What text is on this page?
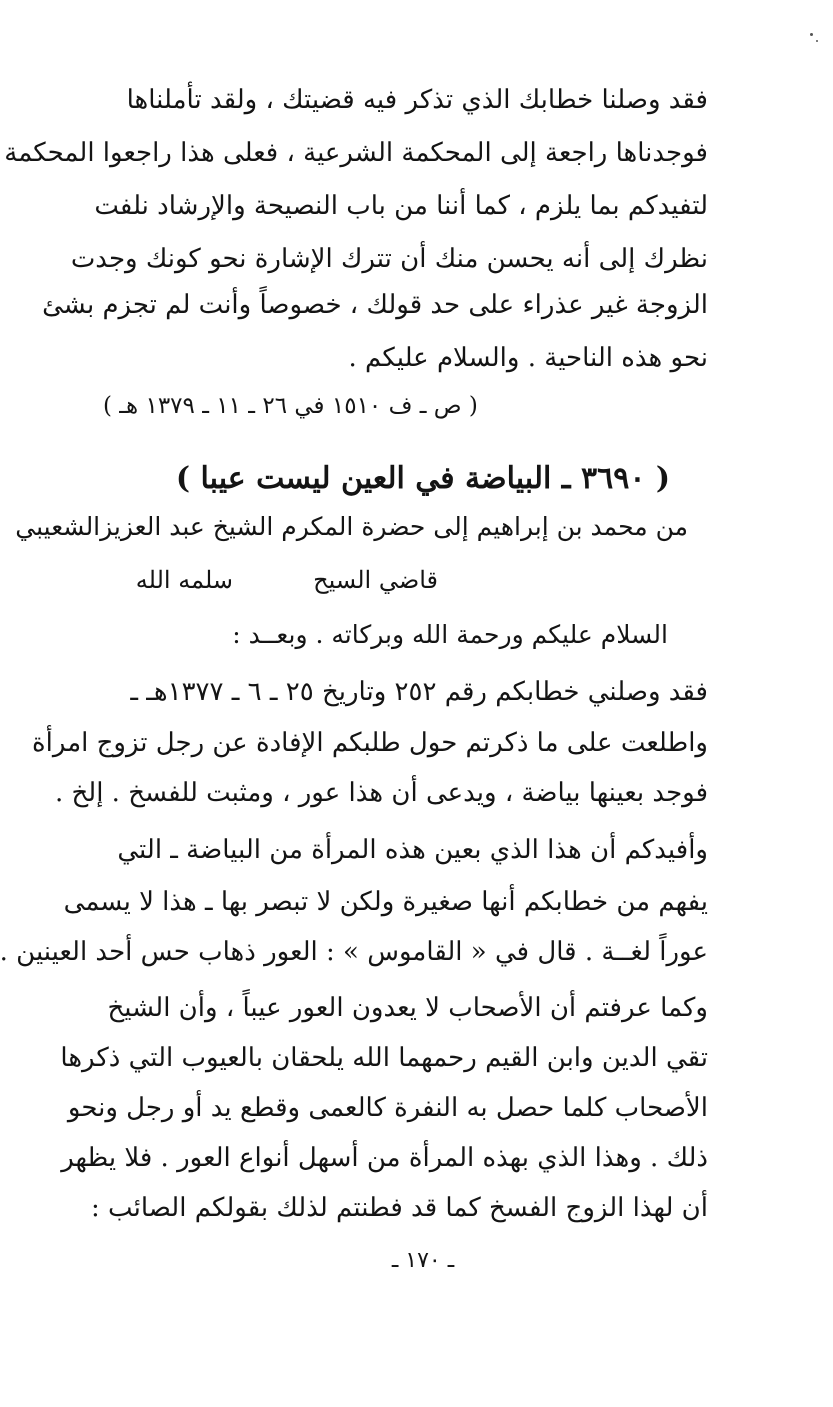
فقد وصلنا خطابك الذي تذكر فيه قضيتك ، ولقد تأملناها
فوجدناها راجعة إلى المحكمة الشرعية ، فعلى هذا راجعوا المحكمة
لتفيدكم بما يلزم ، كما أننا من باب النصيحة والإرشاد نلفت
نظرك إلى أنه يحسن منك أن تترك الإشارة نحو كونك وجدت
الزوجة غير عذراء على حد قولك ، خصوصاً وأنت لم تجزم بشئ
نحو هذه الناحية . والسلام عليكم .
( ص ـ ف ١٥١٠ في ٢٦ ـ ١١ ـ ١٣٧٩ هـ )
( ٣٦٩٠ ـ البياضة في العين ليست عيبا )
من محمد بن إبراهيم إلى حضرة المكرم الشيخ عبد العزيزالشعيبي
قاضي السيح
سلمه الله
السلام عليكم ورحمة الله وبركاته . وبعــد :
فقد وصلني خطابكم رقم ٢٥٢ وتاريخ ٢٥ ـ ٦ ـ ١٣٧٧هـ ـ
واطلعت على ما ذكرتم حول طلبكم الإفادة عن رجل تزوج امرأة
فوجد بعينها بياضة ، ويدعى أن هذا عور ، ومثبت للفسخ . إلخ .
وأفيدكم أن هذا الذي بعين هذه المرأة من البياضة ـ التي
يفهم من خطابكم أنها صغيرة ولكن لا تبصر بها ـ هذا لا يسمى
عوراً لغــة . قال في « القاموس » : العور ذهاب حس أحد العينين .
وكما عرفتم أن الأصحاب لا يعدون العور عيباً ، وأن الشيخ
تقي الدين وابن القيم رحمهما الله يلحقان بالعيوب التي ذكرها
الأصحاب كلما حصل به النفرة كالعمى وقطع يد أو رجل ونحو
ذلك . وهذا الذي بهذه المرأة من أسهل أنواع العور . فلا يظهر
أن لهذا الزوج الفسخ كما قد فطنتم لذلك بقولكم الصائب :
ـ ١٧٠ ـ
